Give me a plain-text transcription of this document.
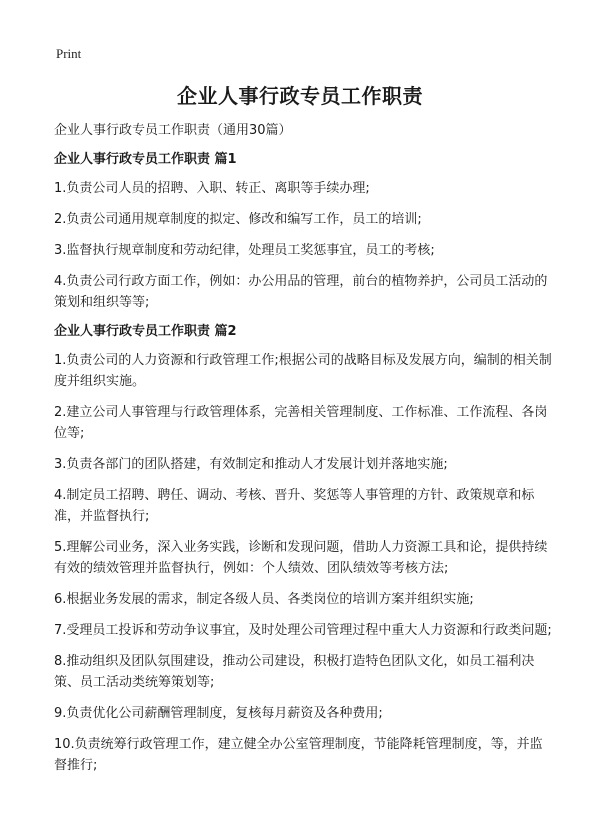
Print
企业人事行政专员工作职责

企业人事行政专员工作职责（通用30篇）

企业人事行政专员工作职责 篇1

1.负责公司人员的招聘、入职、转正、离职等手续办理;

2.负责公司通用规章制度的拟定、修改和编写工作，员工的培训;

3.监督执行规章制度和劳动纪律，处理员工奖惩事宜，员工的考核;

4.负责公司行政方面工作，例如：办公用品的管理，前台的植物养护，公司员工活动的策划和组织等等;

企业人事行政专员工作职责 篇2

1.负责公司的人力资源和行政管理工作;根据公司的战略目标及发展方向，编制的相关制度并组织实施。

2.建立公司人事管理与行政管理体系，完善相关管理制度、工作标准、工作流程、各岗位等;

3.负责各部门的团队搭建，有效制定和推动人才发展计划并落地实施;

4.制定员工招聘、聘任、调动、考核、晋升、奖惩等人事管理的方针、政策规章和标准，并监督执行;

5.理解公司业务，深入业务实践，诊断和发现问题，借助人力资源工具和论，提供持续有效的绩效管理并监督执行，例如：个人绩效、团队绩效等考核方法;

6.根据业务发展的需求，制定各级人员、各类岗位的培训方案并组织实施;

7.受理员工投诉和劳动争议事宜，及时处理公司管理过程中重大人力资源和行政类问题;

8.推动组织及团队氛围建设，推动公司建设，积极打造特色团队文化，如员工福利决策、员工活动类统筹策划等;

9.负责优化公司薪酬管理制度，复核每月薪资及各种费用;

10.负责统筹行政管理工作，建立健全办公室管理制度，节能降耗管理制度，等，并监督推行;
